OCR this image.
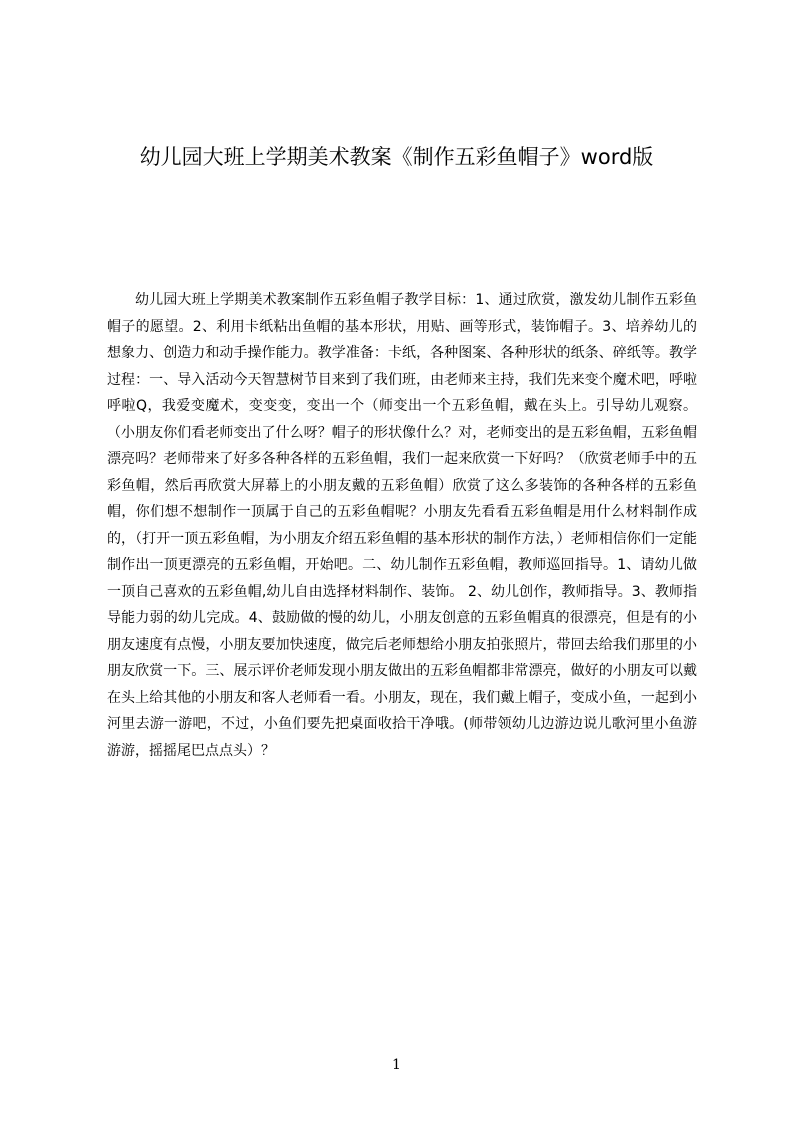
幼儿园大班上学期美术教案《制作五彩鱼帽子》word版

幼儿园大班上学期美术教案制作五彩鱼帽子教学目标：1、通过欣赏，激发幼儿制作五彩鱼帽子的愿望。2、利用卡纸粘出鱼帽的基本形状，用贴、画等形式，装饰帽子。3、培养幼儿的想象力、创造力和动手操作能力。教学准备：卡纸，各种图案、各种形状的纸条、碎纸等。教学过程：一、导入活动今天智慧树节目来到了我们班，由老师来主持，我们先来变个魔术吧，呼啦呼啦Q，我爱变魔术，变变变，变出一个（师变出一个五彩鱼帽，戴在头上。引导幼儿观察。（小朋友你们看老师变出了什么呀？帽子的形状像什么？对，老师变出的是五彩鱼帽，五彩鱼帽漂亮吗？老师带来了好多各种各样的五彩鱼帽，我们一起来欣赏一下好吗？（欣赏老师手中的五彩鱼帽，然后再欣赏大屏幕上的小朋友戴的五彩鱼帽）欣赏了这么多装饰的各种各样的五彩鱼帽，你们想不想制作一顶属于自己的五彩鱼帽呢？小朋友先看看五彩鱼帽是用什么材料制作成的，（打开一顶五彩鱼帽，为小朋友介绍五彩鱼帽的基本形状的制作方法，）老师相信你们一定能制作出一顶更漂亮的五彩鱼帽，开始吧。二、幼儿制作五彩鱼帽，教师巡回指导。1、请幼儿做一顶自己喜欢的五彩鱼帽,幼儿自由选择材料制作、装饰。 2、幼儿创作，教师指导。3、教师指导能力弱的幼儿完成。4、鼓励做的慢的幼儿，小朋友创意的五彩鱼帽真的很漂亮，但是有的小朋友速度有点慢，小朋友要加快速度，做完后老师想给小朋友拍张照片，带回去给我们那里的小朋友欣赏一下。三、展示评价老师发现小朋友做出的五彩鱼帽都非常漂亮，做好的小朋友可以戴在头上给其他的小朋友和客人老师看一看。小朋友，现在，我们戴上帽子，变成小鱼，一起到小河里去游一游吧，不过，小鱼们要先把桌面收拾干净哦。(师带领幼儿边游边说儿歌河里小鱼游游游，摇摇尾巴点点头）？

1
